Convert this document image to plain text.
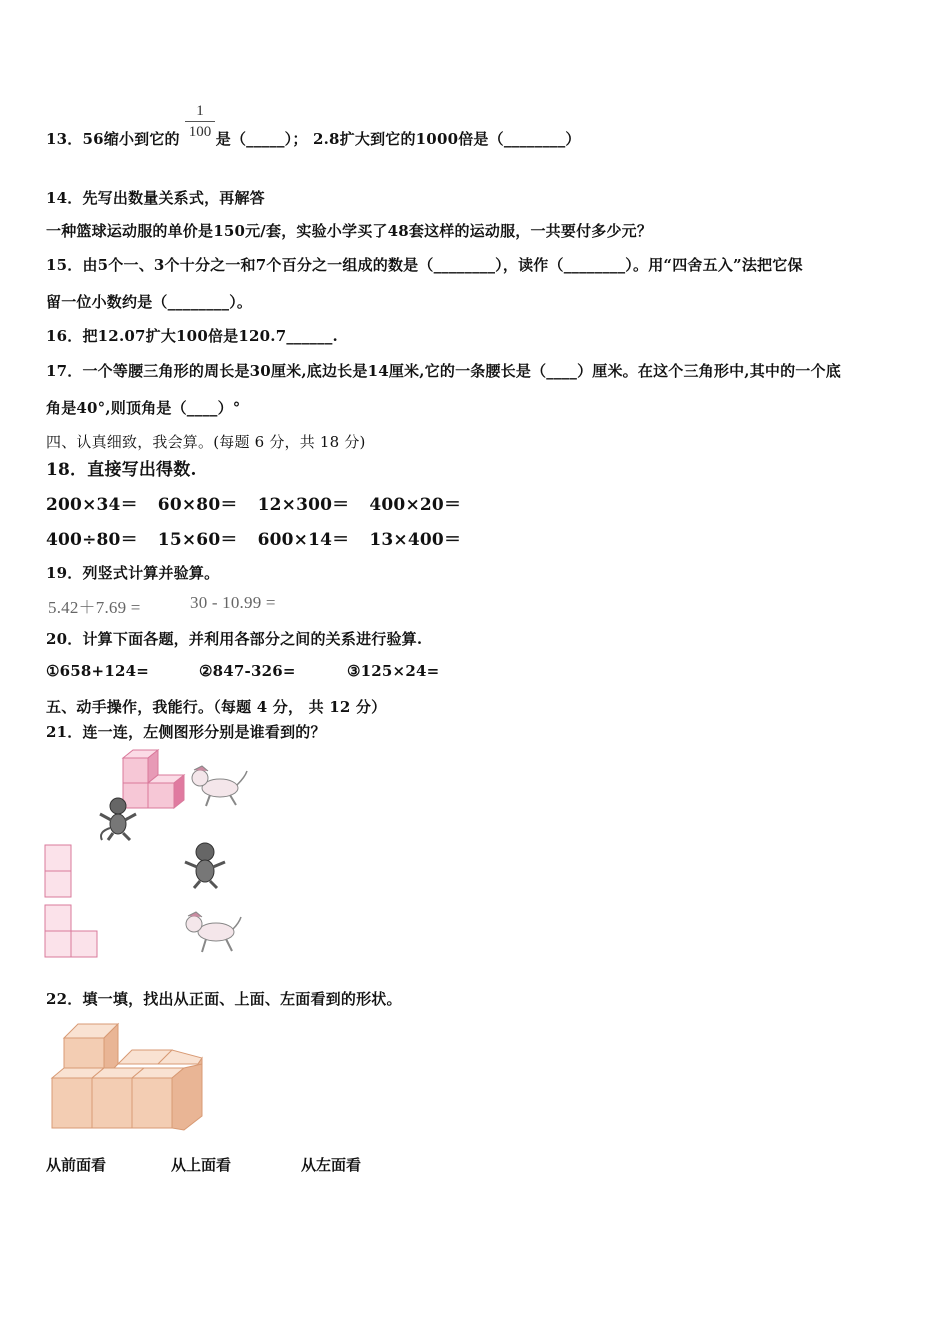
13．56缩小到它的 是（_____）； 2.8扩大到它的1000倍是（________）
1
100
14．先写出数量关系式，再解答
一种篮球运动服的单价是150元/套，实验小学买了48套这样的运动服，一共要付多少元？
15．由5个一、3个十分之一和7个百分之一组成的数是（________），读作（________）。用“四舍五入”法把它保
留一位小数约是（________）。
16．把12.07扩大100倍是120.7______.
17．一个等腰三角形的周长是30厘米,底边长是14厘米,它的一条腰长是（____）厘米。在这个三角形中,其中的一个底
角是40°,则顶角是（____）°
四、认真细致，我会算。(每题 6 分，共 18 分)
18．直接写出得数.
200×34＝ 60×80＝ 12×300＝ 400×20＝
400÷80＝ 15×60＝ 600×14＝ 13×400＝
19．列竖式计算并验算。
5.42＋7.69 =	30 - 10.99 =
20．计算下面各题，并利用各部分之间的关系进行验算.
①658+124=	②847-326=	③125×24=
五、动手操作，我能行。（每题 4 分， 共 12 分）
21．连一连，左侧图形分别是谁看到的？
22．填一填，找出从正面、上面、左面看到的形状。
从前面看	从上面看	从左面看
